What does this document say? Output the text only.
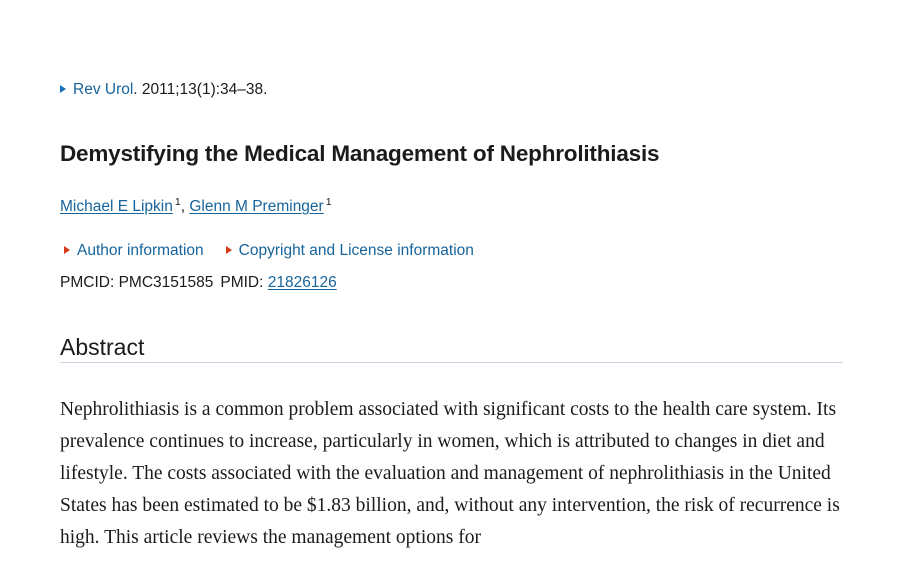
Rev Urol. 2011;13(1):34–38.
Demystifying the Medical Management of Nephrolithiasis
Michael E Lipkin $^1$, Glenn M Preminger $^1$
Author information Copyright and License information
PMCID: PMC3151585 PMID: 21826126
Abstract

Nephrolithiasis is a common problem associated with significant costs to the health care system. Its prevalence continues to increase, particularly in women, which is attributed to changes in diet and lifestyle. The costs associated with the evaluation and management of nephrolithiasis in the United States has been estimated to be $1.83 billion, and, without any intervention, the risk of recurrence is high. This article reviews the management options for
